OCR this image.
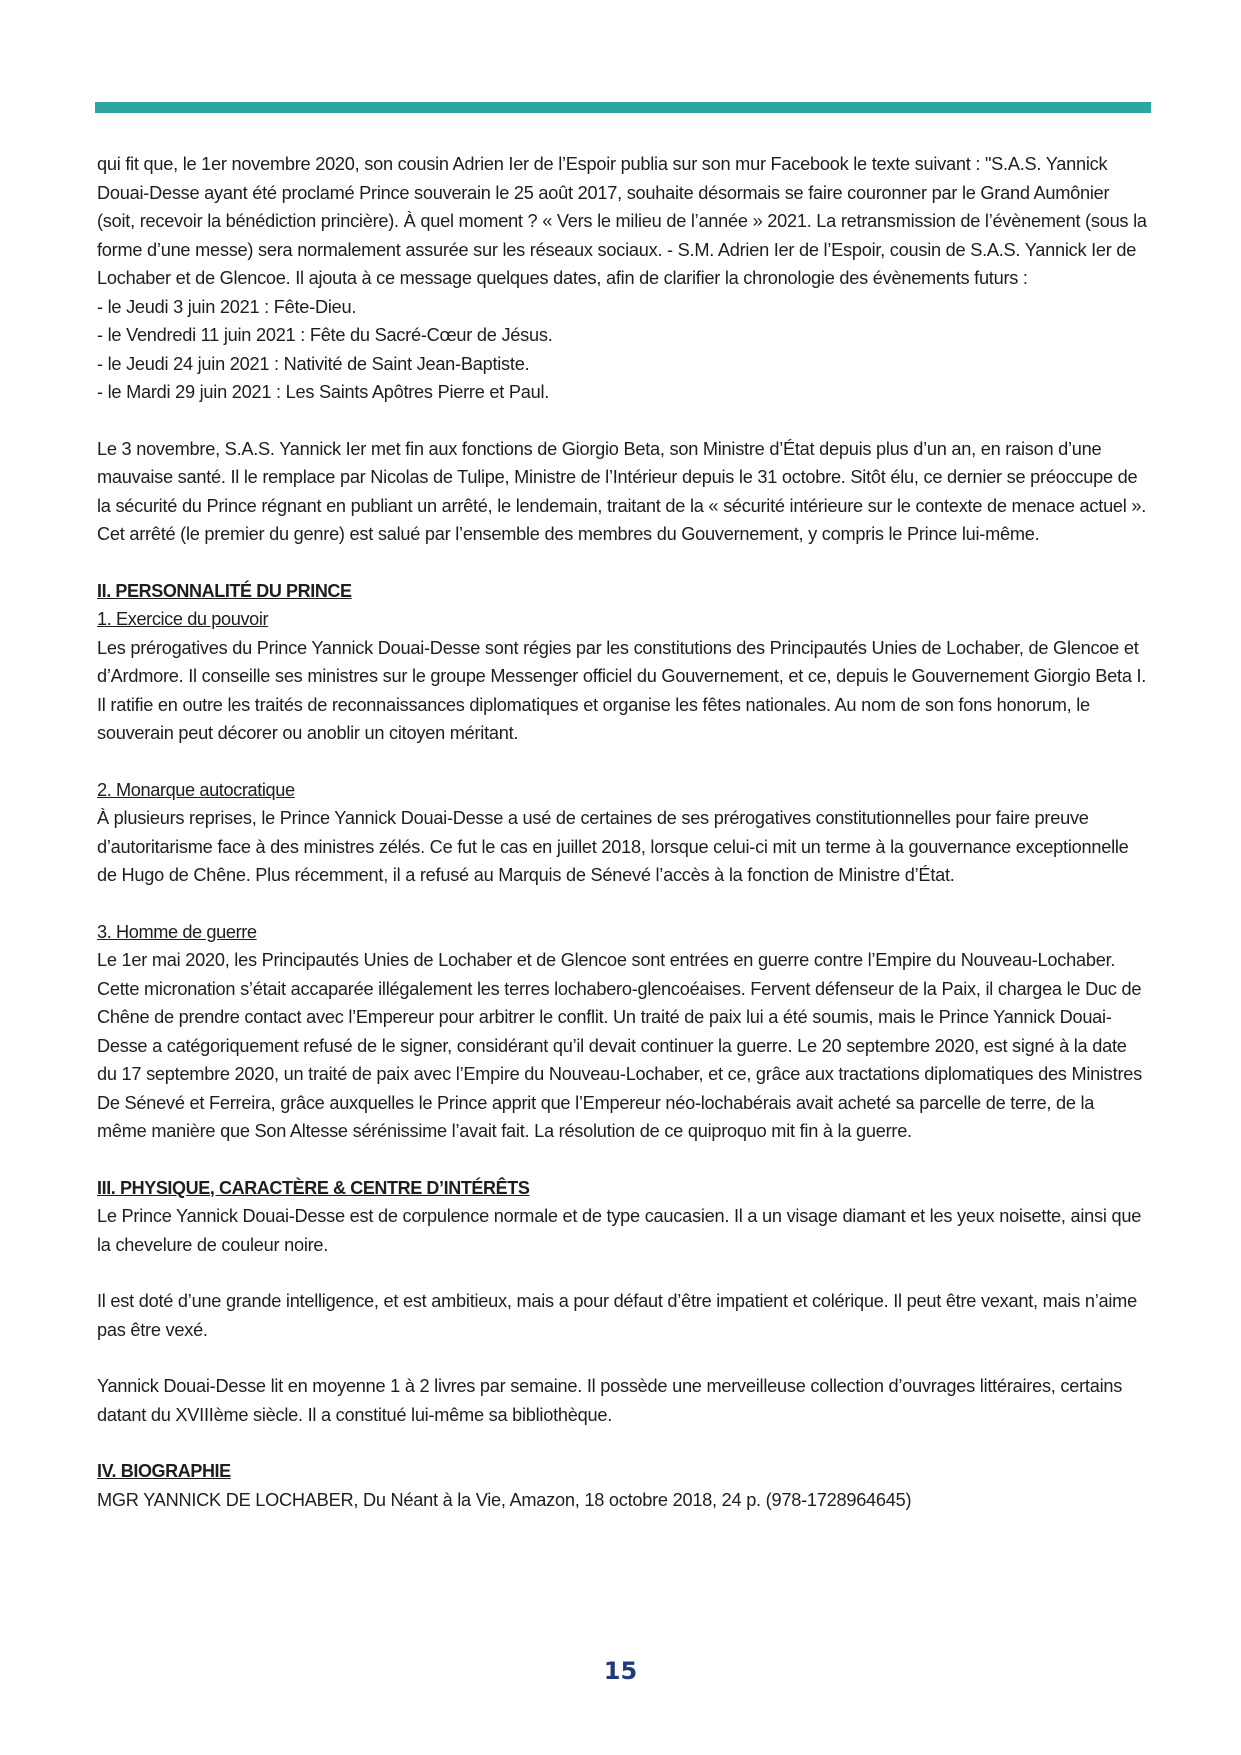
qui fit que, le 1er novembre 2020, son cousin Adrien Ier de l’Espoir publia sur son mur Facebook le texte suivant : "S.A.S. Yannick Douai-Desse ayant été proclamé Prince souverain le 25 août 2017, souhaite désormais se faire couronner par le Grand Aumônier (soit, recevoir la bénédiction princière). À quel moment ? « Vers le milieu de l’année » 2021. La retransmission de l’évènement (sous la forme d’une messe) sera normalement assurée sur les réseaux sociaux. - S.M. Adrien Ier de l’Espoir, cousin de S.A.S. Yannick Ier de Lochaber et de Glencoe. Il ajouta à ce message quelques dates, afin de clarifier la chronologie des évènements futurs :

- le Jeudi 3 juin 2021 : Fête-Dieu.

- le Vendredi 11 juin 2021 : Fête du Sacré-Cœur de Jésus.

- le Jeudi 24 juin 2021 : Nativité de Saint Jean-Baptiste.

- le Mardi 29 juin 2021 : Les Saints Apôtres Pierre et Paul.

Le 3 novembre, S.A.S. Yannick Ier met fin aux fonctions de Giorgio Beta, son Ministre d’État depuis plus d’un an, en raison d’une mauvaise santé. Il le remplace par Nicolas de Tulipe, Ministre de l’Intérieur depuis le 31 octobre. Sitôt élu, ce dernier se préoccupe de la sécurité du Prince régnant en publiant un arrêté, le lendemain, traitant de la « sécurité intérieure sur le contexte de menace actuel ». Cet arrêté (le premier du genre) est salué par l’ensemble des membres du Gouvernement, y compris le Prince lui-même.

II. PERSONNALITÉ DU PRINCE

1. Exercice du pouvoir

Les prérogatives du Prince Yannick Douai-Desse sont régies par les constitutions des Principautés Unies de Lochaber, de Glencoe et d’Ardmore. Il conseille ses ministres sur le groupe Messenger officiel du Gouvernement, et ce, depuis le Gouvernement Giorgio Beta I. Il ratifie en outre les traités de reconnaissances diplomatiques et organise les fêtes nationales. Au nom de son fons honorum, le souverain peut décorer ou anoblir un citoyen méritant.

2. Monarque autocratique

À plusieurs reprises, le Prince Yannick Douai-Desse a usé de certaines de ses prérogatives constitutionnelles pour faire preuve d’autoritarisme face à des ministres zélés. Ce fut le cas en juillet 2018, lorsque celui-ci mit un terme à la gouvernance exceptionnelle de Hugo de Chêne. Plus récemment, il a refusé au Marquis de Sénevé l’accès à la fonction de Ministre d’État.

3. Homme de guerre

Le 1er mai 2020, les Principautés Unies de Lochaber et de Glencoe sont entrées en guerre contre l’Empire du Nouveau-Lochaber. Cette micronation s’était accaparée illégalement les terres lochabero-glencoéaises. Fervent défenseur de la Paix, il chargea le Duc de Chêne de prendre contact avec l’Empereur pour arbitrer le conflit. Un traité de paix lui a été soumis, mais le Prince Yannick Douai-Desse a catégoriquement refusé de le signer, considérant qu’il devait continuer la guerre. Le 20 septembre 2020, est signé à la date du 17 septembre 2020, un traité de paix avec l’Empire du Nouveau-Lochaber, et ce, grâce aux tractations diplomatiques des Ministres De Sénevé et Ferreira, grâce auxquelles le Prince apprit que l’Empereur néo-lochabérais avait acheté sa parcelle de terre, de la même manière que Son Altesse sérénissime l’avait fait. La résolution de ce quiproquo mit fin à la guerre.

III. PHYSIQUE, CARACTÈRE & CENTRE D’INTÉRÊTS

Le Prince Yannick Douai-Desse est de corpulence normale et de type caucasien. Il a un visage diamant et les yeux noisette, ainsi que la chevelure de couleur noire.

Il est doté d’une grande intelligence, et est ambitieux, mais a pour défaut d’être impatient et colérique. Il peut être vexant, mais n’aime pas être vexé.

Yannick Douai-Desse lit en moyenne 1 à 2 livres par semaine. Il possède une merveilleuse collection d’ouvrages littéraires, certains datant du XVIIIème siècle. Il a constitué lui-même sa bibliothèque.

IV. BIOGRAPHIE

MGR YANNICK DE LOCHABER, Du Néant à la Vie, Amazon, 18 octobre 2018, 24 p. (978-1728964645)

15
